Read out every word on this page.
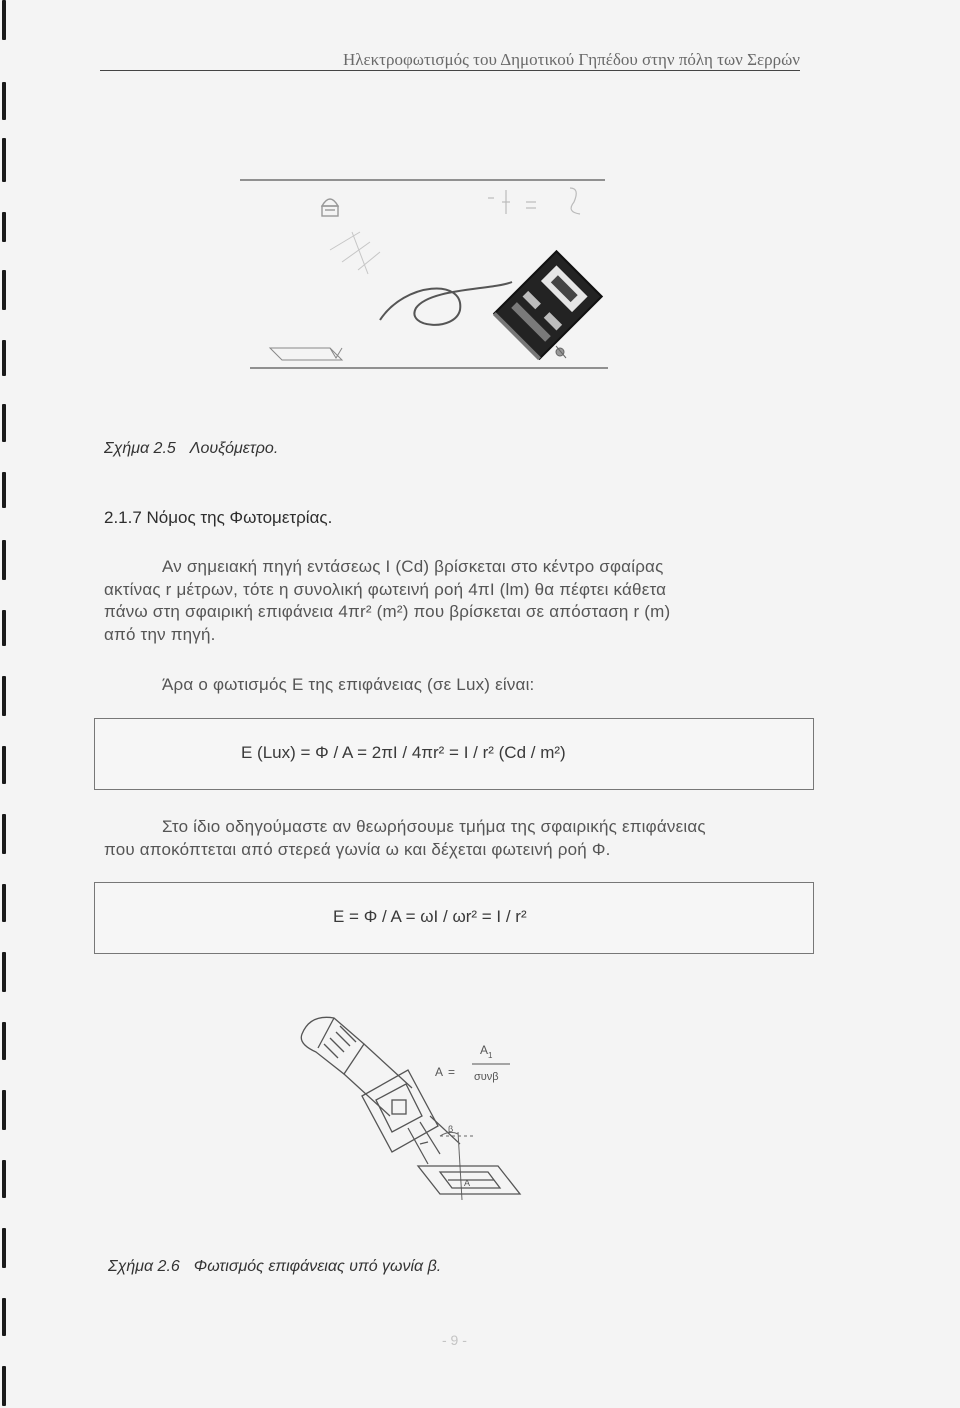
Ηλεκτροφωτισμός του Δημοτικού Γηπέδου στην πόλη των Σερρών
Σχήμα 2.5 Λουξόμετρο.
2.1.7 Νόμος της Φωτομετρίας.
Αν σημειακή πηγή εντάσεως Ι (Cd) βρίσκεται στο κέντρο σφαίρας
ακτίνας r μέτρων, τότε η συνολική φωτεινή ροή 4πΙ (lm) θα πέφτει κάθετα
πάνω στη σφαιρική επιφάνεια 4πr² (m²) που βρίσκεται σε απόσταση r (m)
από την πηγή.
Άρα ο φωτισμός Ε της επιφάνειας (σε Lux) είναι:
Ε (Lux) = Φ / Α = 2πΙ / 4πr² = Ι / r² (Cd / m²)
Στο ίδιο οδηγούμαστε αν θεωρήσουμε τμήμα της σφαιρικής επιφάνειας
που αποκόπτεται από στερεά γωνία ω και δέχεται φωτεινή ροή Φ.
Ε = Φ / Α = ωΙ / ωr² = Ι / r²
Α =
Α 1
συνβ
β
A
Σχήμα 2.6 Φωτισμός επιφάνειας υπό γωνία β.
- 9 -
